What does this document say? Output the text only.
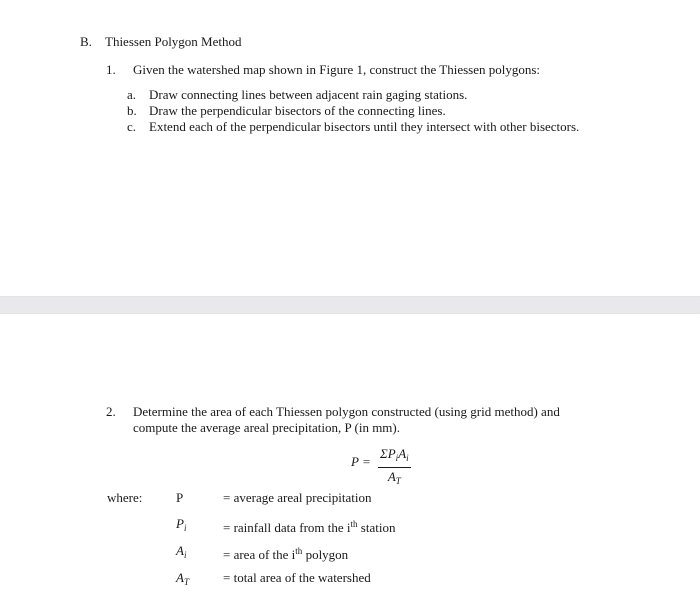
B. Thiessen Polygon Method
1. Given the watershed map shown in Figure 1, construct the Thiessen polygons:
a. Draw connecting lines between adjacent rain gaging stations.
b. Draw the perpendicular bisectors of the connecting lines.
c. Extend each of the perpendicular bisectors until they intersect with other bisectors.
2. Determine the area of each Thiessen polygon constructed (using grid method) and
compute the average areal precipitation, P (in mm).
P =
$\Sigma P_iA_i$
$A_T$
where:	P	= average areal precipitation
$P_i$	= rainfall data from the $i^{th}$ station
$A_i$	= area of the $i^{th}$ polygon
$A_T$	= total area of the watershed
